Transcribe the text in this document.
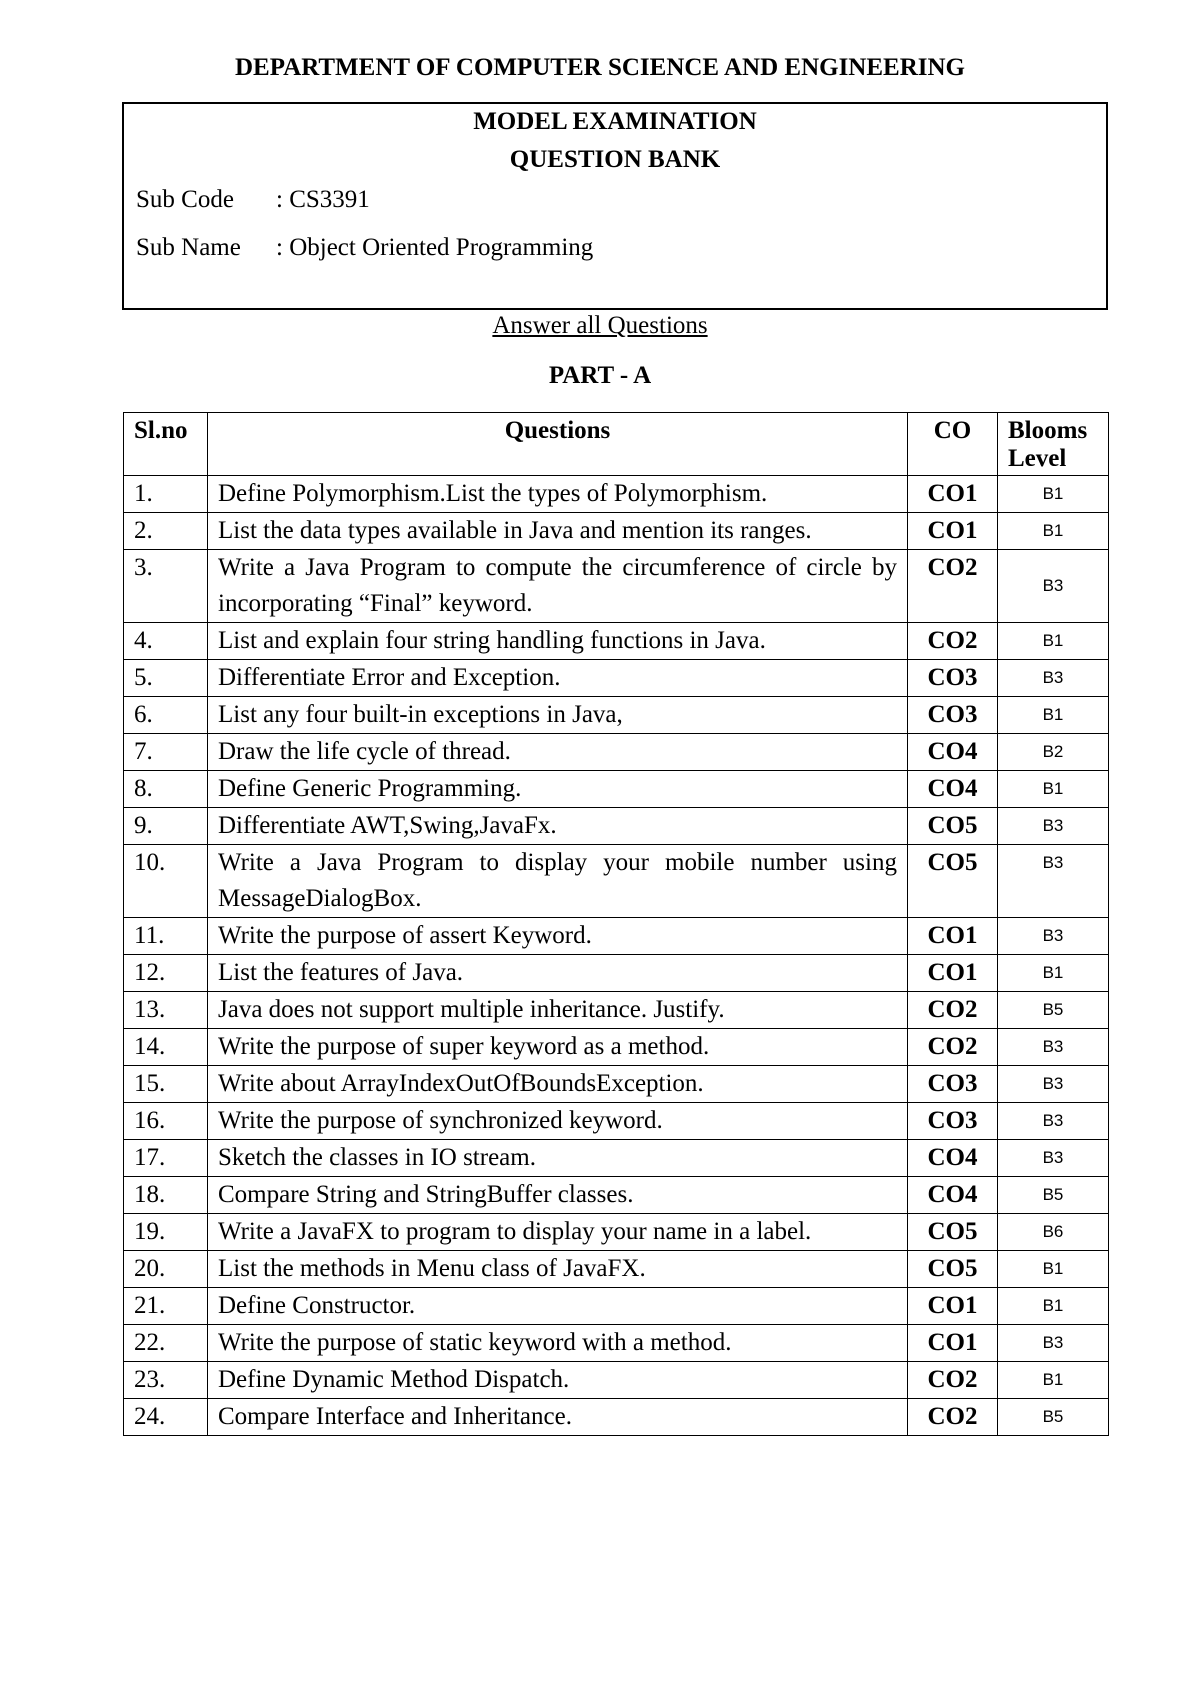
DEPARTMENT OF COMPUTER SCIENCE AND ENGINEERING
MODEL EXAMINATION
QUESTION BANK
Sub Code : CS3391
Sub Name : Object Oriented Programming
Answer all Questions
PART - A
Sl.no	Questions	CO	Blooms
Level
1.	Define Polymorphism.List the types of Polymorphism.	CO1	B1
2.	List the data types available in Java and mention its ranges.	CO1	B1
3.	Write a Java Program to compute the circumference of circle by incorporating “Final” keyword.	CO2	B3
4.	List and explain four string handling functions in Java.	CO2	B1
5.	Differentiate Error and Exception.	CO3	B3
6.	List any four built-in exceptions in Java,	CO3	B1
7.	Draw the life cycle of thread.	CO4	B2
8.	Define Generic Programming.	CO4	B1
9.	Differentiate AWT,Swing,JavaFx.	CO5	B3
10.	Write a Java Program to display your mobile number using MessageDialogBox.	CO5	B3
11.	Write the purpose of assert Keyword.	CO1	B3
12.	List the features of Java.	CO1	B1
13.	Java does not support multiple inheritance. Justify.	CO2	B5
14.	Write the purpose of super keyword as a method.	CO2	B3
15.	Write about ArrayIndexOutOfBoundsException.	CO3	B3
16.	Write the purpose of synchronized keyword.	CO3	B3
17.	Sketch the classes in IO stream.	CO4	B3
18.	Compare String and StringBuffer classes.	CO4	B5
19.	Write a JavaFX to program to display your name in a label.	CO5	B6
20.	List the methods in Menu class of JavaFX.	CO5	B1
21.	Define Constructor.	CO1	B1
22.	Write the purpose of static keyword with a method.	CO1	B3
23.	Define Dynamic Method Dispatch.	CO2	B1
24.	Compare Interface and Inheritance.	CO2	B5
